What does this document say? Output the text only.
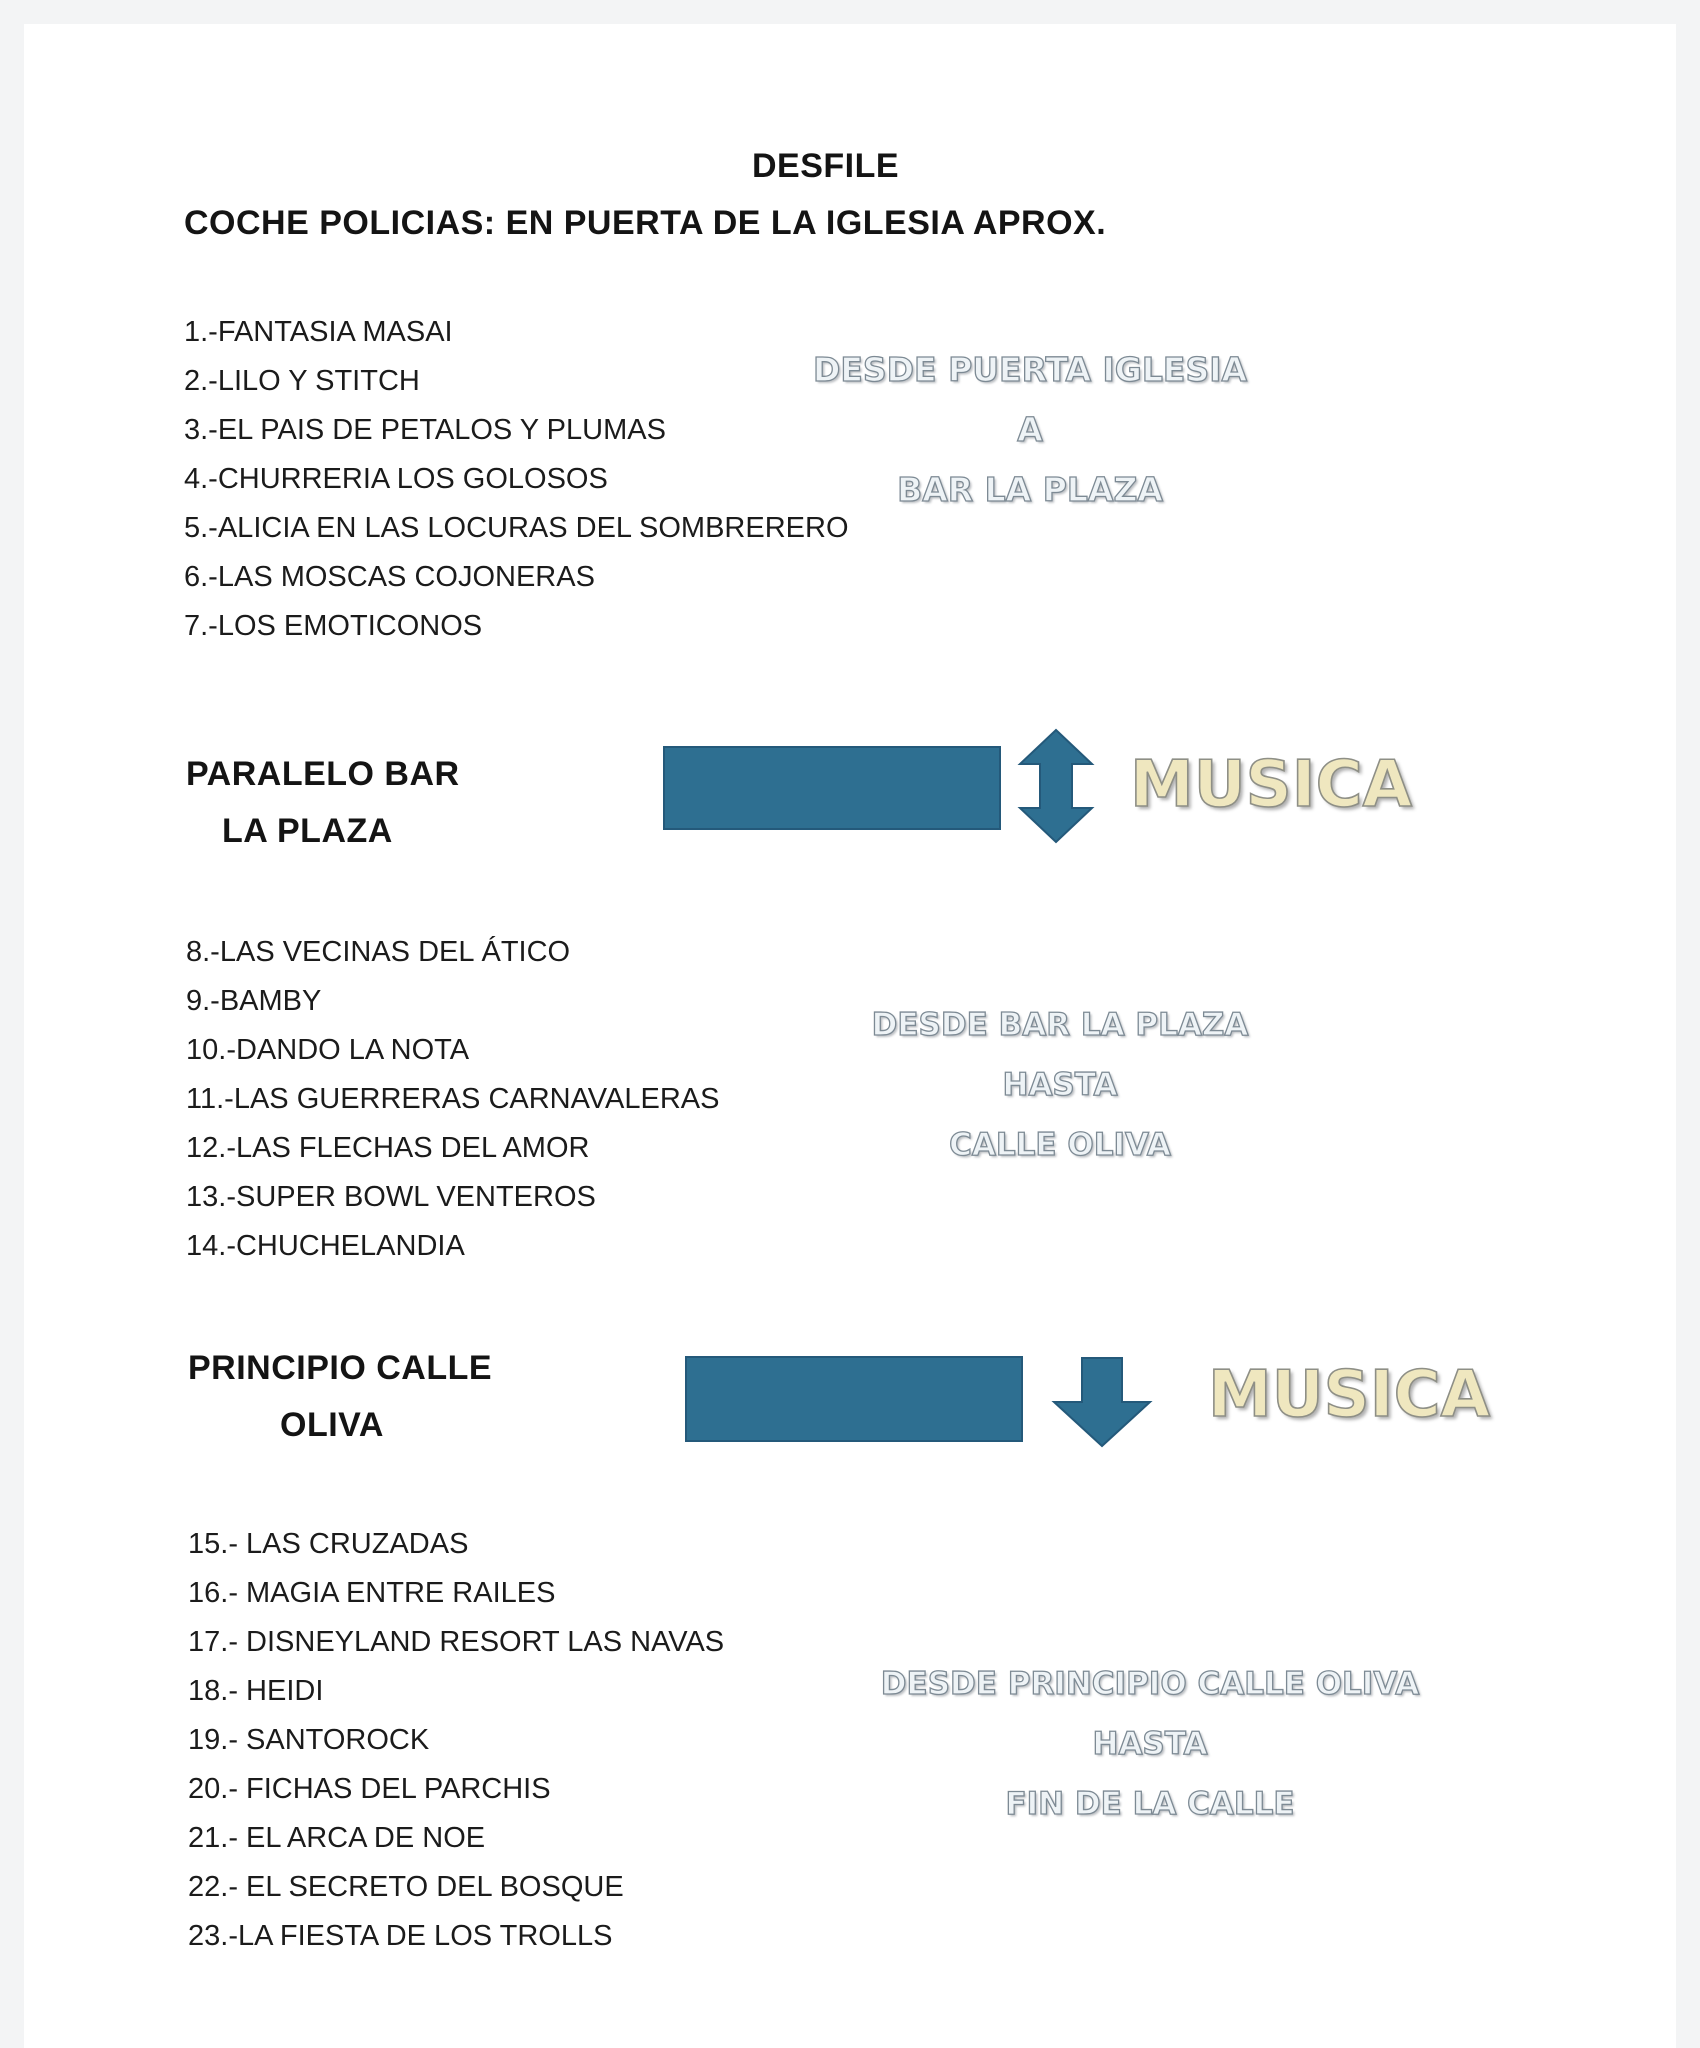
DESFILE
COCHE POLICIAS: EN PUERTA DE LA IGLESIA APROX.
1.-FANTASIA MASAI
2.-LILO Y STITCH
3.-EL PAIS DE PETALOS Y PLUMAS
4.-CHURRERIA LOS GOLOSOS
5.-ALICIA EN LAS LOCURAS DEL SOMBRERERO
6.-LAS MOSCAS COJONERAS
7.-LOS EMOTICONOS
DESDE PUERTA IGLESIA
A
BAR LA PLAZA
PARALELO BAR
LA PLAZA
MUSICA
8.-LAS VECINAS DEL ÁTICO
9.-BAMBY
10.-DANDO LA NOTA
11.-LAS GUERRERAS CARNAVALERAS
12.-LAS FLECHAS DEL AMOR
13.-SUPER BOWL VENTEROS
14.-CHUCHELANDIA
DESDE BAR LA PLAZA
HASTA
CALLE OLIVA
PRINCIPIO CALLE
OLIVA	MUSICA
15.- LAS CRUZADAS
16.- MAGIA ENTRE RAILES
17.- DISNEYLAND RESORT LAS NAVAS
18.- HEIDI
19.- SANTOROCK
20.- FICHAS DEL PARCHIS
21.- EL ARCA DE NOE
22.- EL SECRETO DEL BOSQUE
23.-LA FIESTA DE LOS TROLLS
DESDE PRINCIPIO CALLE OLIVA
HASTA
FIN DE LA CALLE
